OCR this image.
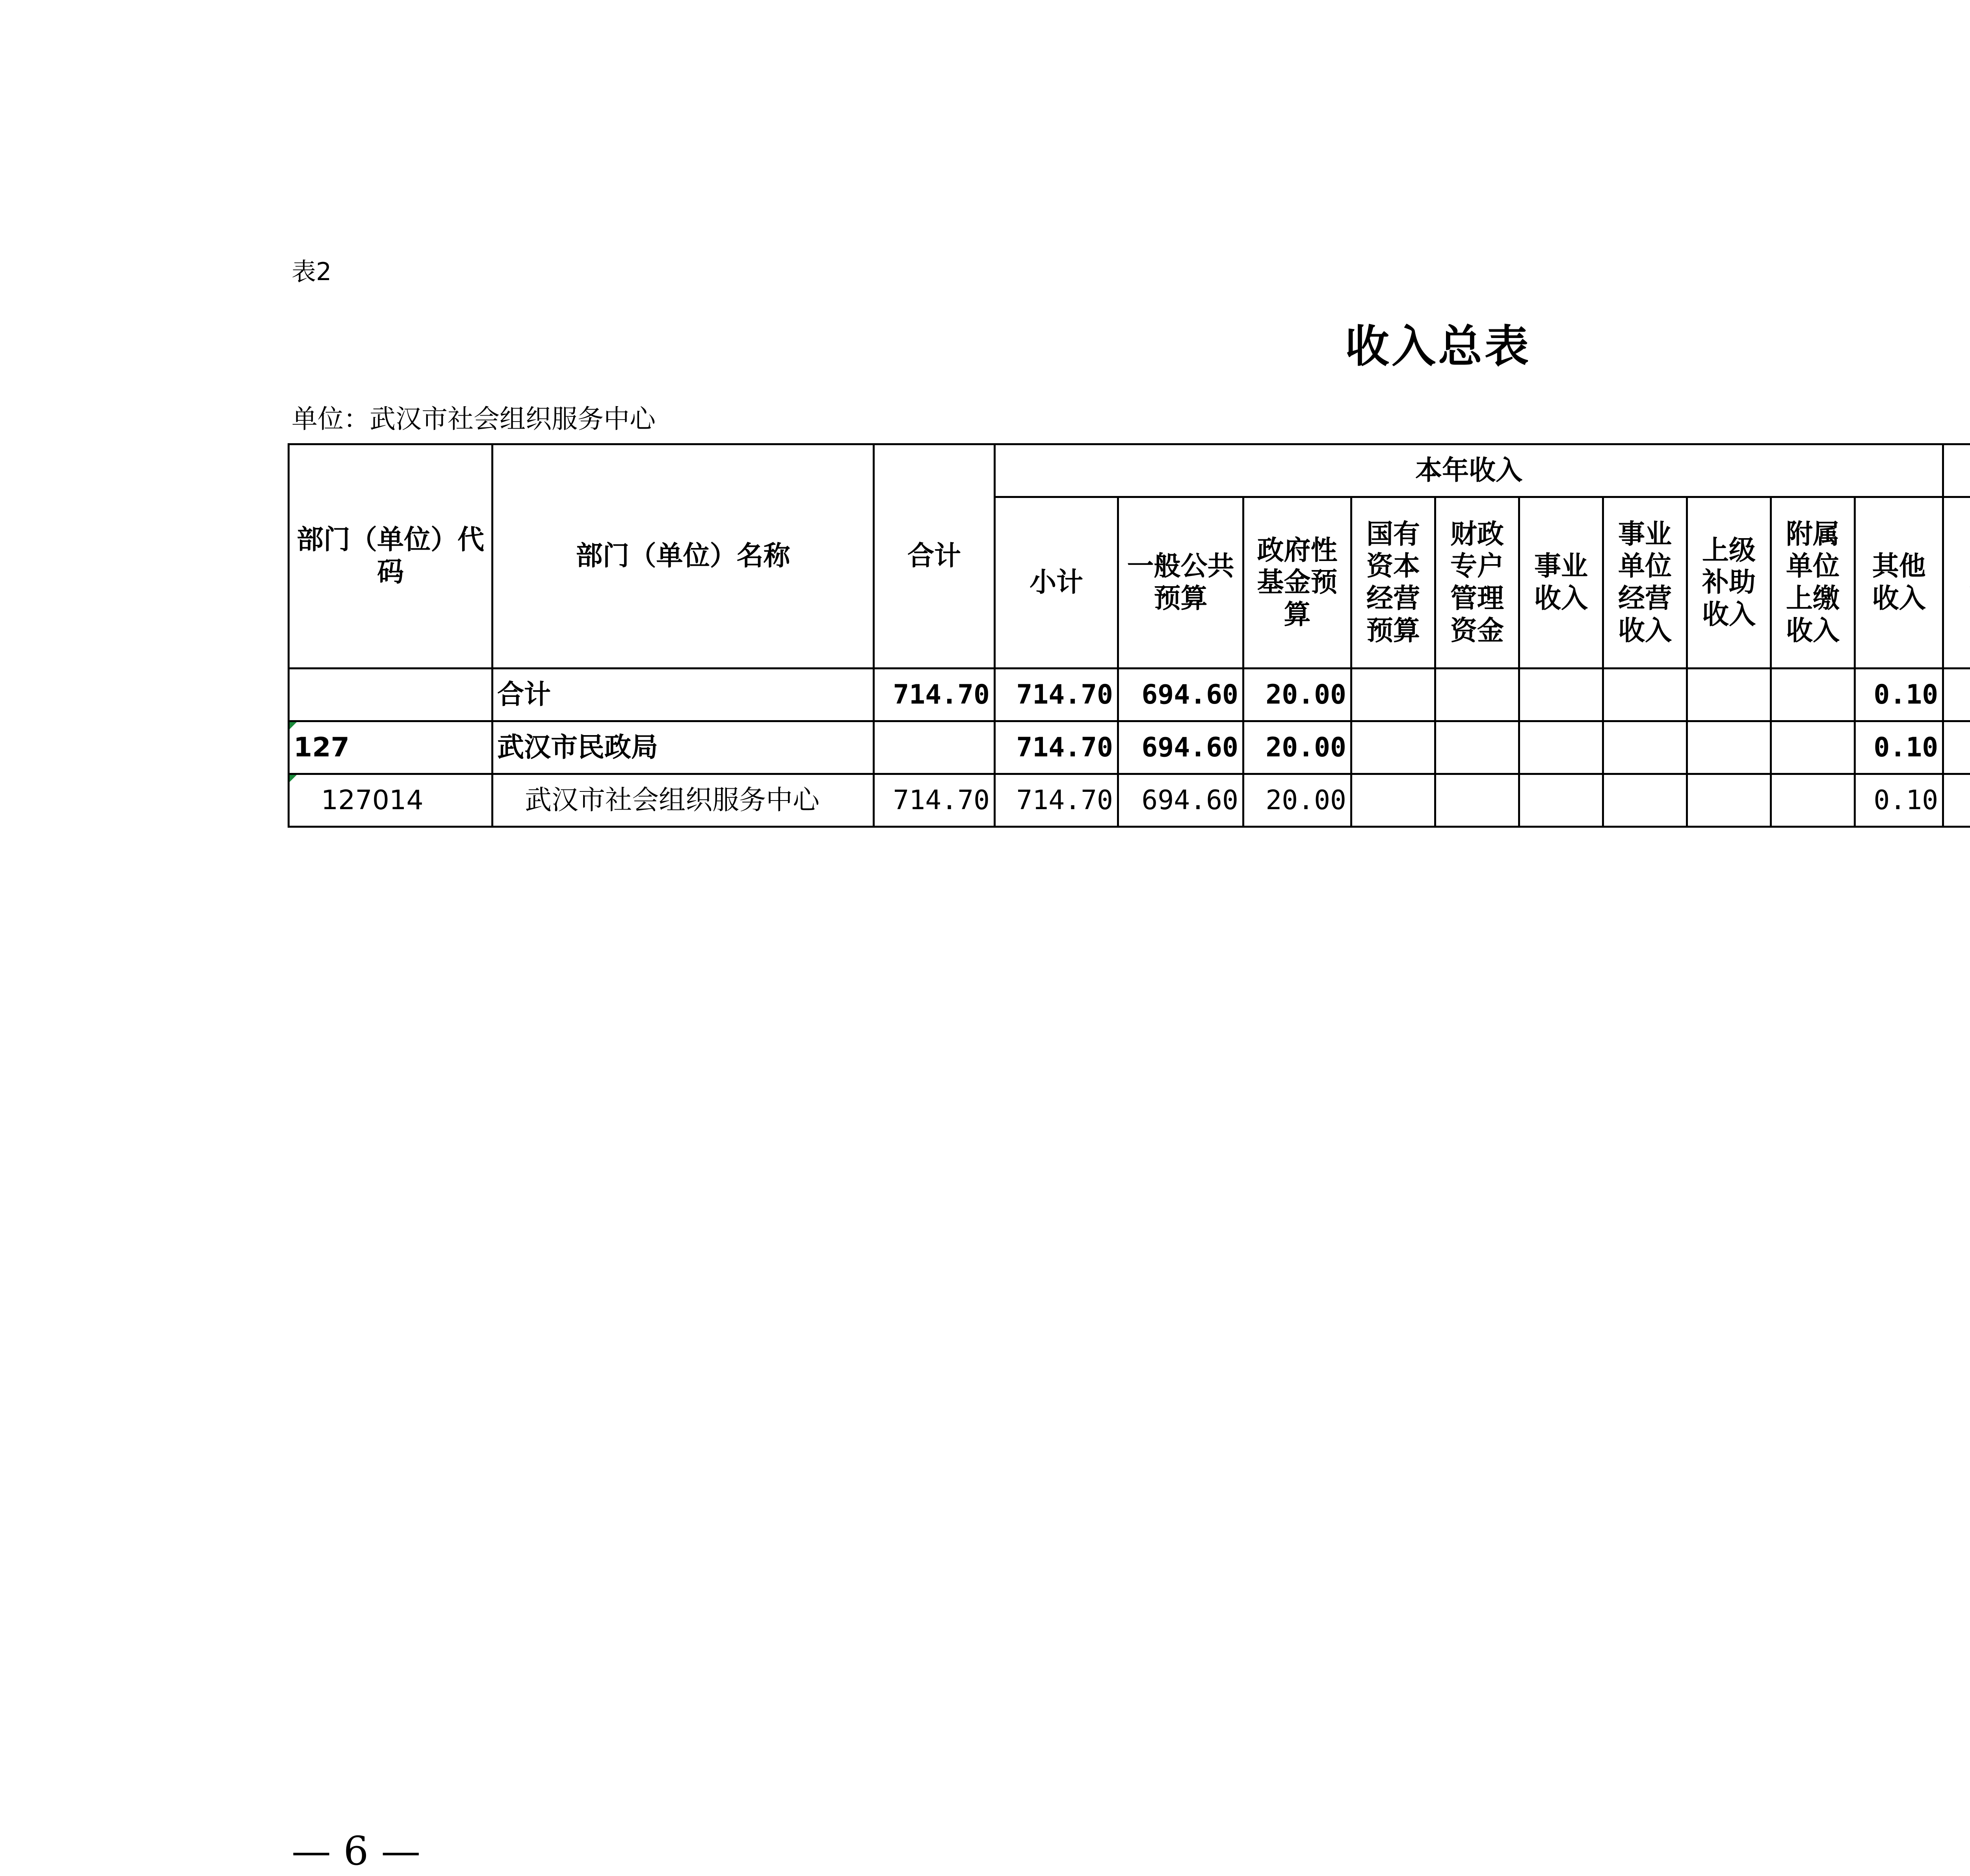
表2
收入总表
单位：武汉市社会组织服务中心
部门（单位）代码	部门（单位）名称	合计	本年收入	
			小计	一般公共预算	政府性基金预算	国有资本经营预算	财政专户管理资金	事业收入	事业单位经营收入	上级补助收入	附属单位上缴收入	其他收入						
	合计	714.70	714.70	694.60	20.00							0.10						
127	武汉市民政局		714.70	694.60	20.00							0.10						
127014	武汉市社会组织服务中心	714.70	714.70	694.60	20.00							0.10						
— 6 —
